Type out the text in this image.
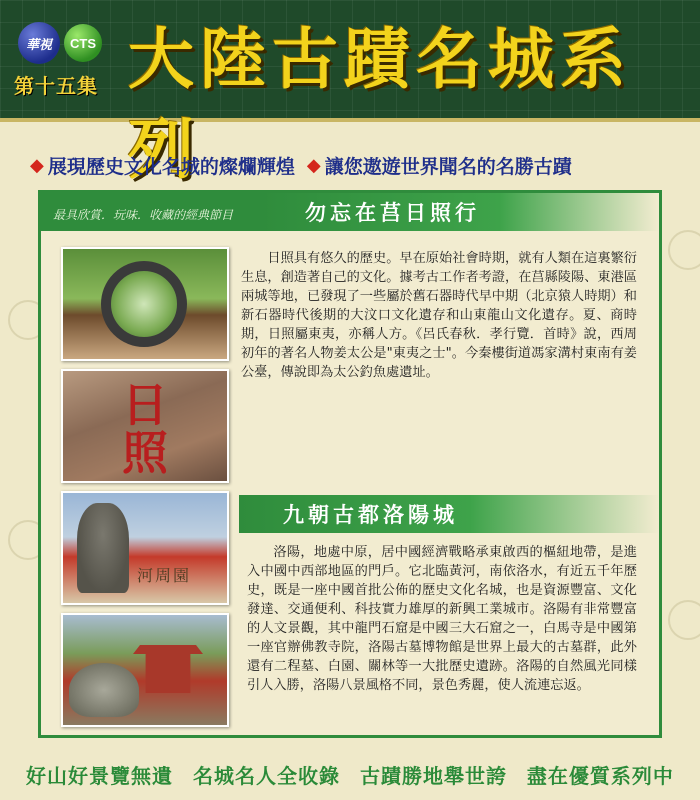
華視	CTS
第十五集 大陸古蹟名城系列
◆ 展現歷史文化名城的燦爛輝煌 ◆ 讓您遨遊世界聞名的名勝古蹟
最具欣賞．玩味．收藏的經典節目	勿忘在莒日照行
日照
日照具有悠久的歷史。早在原始社會時期，就有人類在這裏繁衍生息，創造著自己的文化。據考古工作者考證，在莒縣陵陽、東港區兩城等地，已發現了一些屬於舊石器時代早中期（北京猿人時期）和新石器時代後期的大汶口文化遺存和山東龍山文化遺存。夏、商時期，日照屬東夷，亦稱人方。《呂氏春秋．孝行覽．首時》說，西周初年的著名人物姜太公是"東夷之士"。今秦樓街道馮家溝村東南有姜公臺，傳說即為太公釣魚處遺址。
九朝古都洛陽城
河周園
洛陽，地處中原，居中國經濟戰略承東啟西的樞紐地帶，是進入中國中西部地區的門戶。它北臨黃河，南依洛水，有近五千年歷史，既是一座中國首批公佈的歷史文化名城，也是資源豐富、文化發達、交通便利、科技實力雄厚的新興工業城市。洛陽有非常豐富的人文景觀，其中龍門石窟是中國三大石窟之一，白馬寺是中國第一座官辦佛教寺院，洛陽古墓博物館是世界上最大的古墓群，此外還有二程墓、白園、關林等一大批歷史遺跡。洛陽的自然風光同樣引人入勝，洛陽八景風格不同，景色秀麗，使人流連忘返。
好山好景覽無遺 名城名人全收錄 古蹟勝地舉世誇 盡在優質系列中
